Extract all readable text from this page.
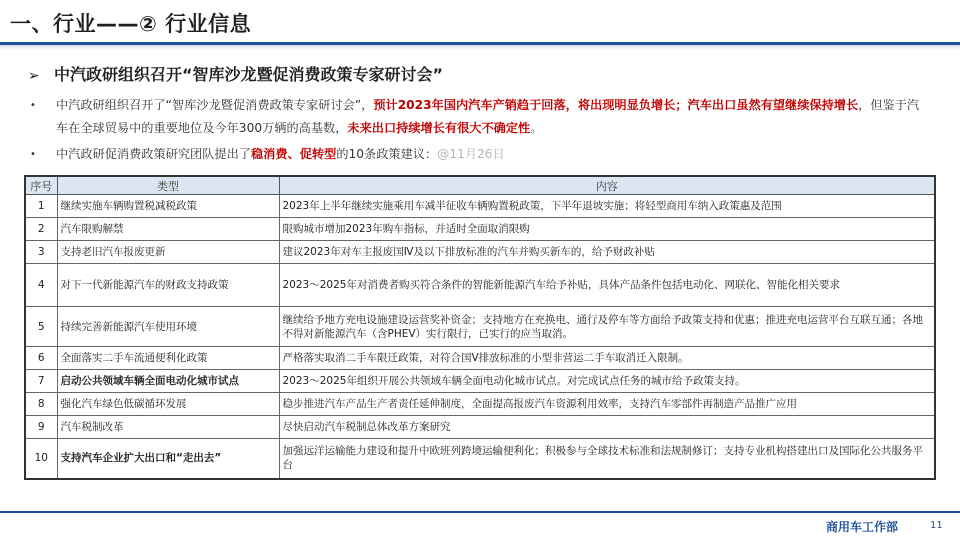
一、行业——② 行业信息
➢ 中汽政研组织召开“智库沙龙暨促消费政策专家研讨会”
• 中汽政研组织召开了“智库沙龙暨促消费政策专家研讨会”，预计2023年国内汽车产销趋于回落，将出现明显负增长；汽车出口虽然有望继续保持增长，但鉴于汽车在全球贸易中的重要地位及今年300万辆的高基数，未来出口持续增长有很大不确定性。
• 中汽政研促消费政策研究团队提出了稳消费、促转型的10条政策建议：@11月26日
序号	类型	内容
1	继续实施车辆购置税减税政策	2023年上半年继续实施乘用车减半征收车辆购置税政策，下半年退坡实施；将轻型商用车纳入政策惠及范围
2	汽车限购解禁	限购城市增加2023年购车指标，并适时全面取消限购
3	支持老旧汽车报废更新	建议2023年对车主报废国Ⅳ及以下排放标准的汽车并购买新车的，给予财政补贴
4	对下一代新能源汽车的财政支持政策	2023～2025年对消费者购买符合条件的智能新能源汽车给予补贴，具体产品条件包括电动化、网联化、智能化相关要求
5	持续完善新能源汽车使用环境	继续给予地方充电设施建设运营奖补资金；支持地方在充换电、通行及停车等方面给予政策支持和优惠；推进充电运营平台互联互通；各地不得对新能源汽车（含PHEV）实行限行，已实行的应当取消。
6	全面落实二手车流通便利化政策	严格落实取消二手车限迁政策，对符合国V排放标准的小型非营运二手车取消迁入限制。
7	启动公共领域车辆全面电动化城市试点	2023～2025年组织开展公共领域车辆全面电动化城市试点。对完成试点任务的城市给予政策支持。
8	强化汽车绿色低碳循环发展	稳步推进汽车产品生产者责任延伸制度，全面提高报废汽车资源利用效率，支持汽车零部件再制造产品推广应用
9	汽车税制改革	尽快启动汽车税制总体改革方案研究
10	支持汽车企业扩大出口和“走出去”	加强远洋运输能力建设和提升中欧班列跨境运输便利化；积极参与全球技术标准和法规制修订；支持专业机构搭建出口及国际化公共服务平台
商用车工作部	11
